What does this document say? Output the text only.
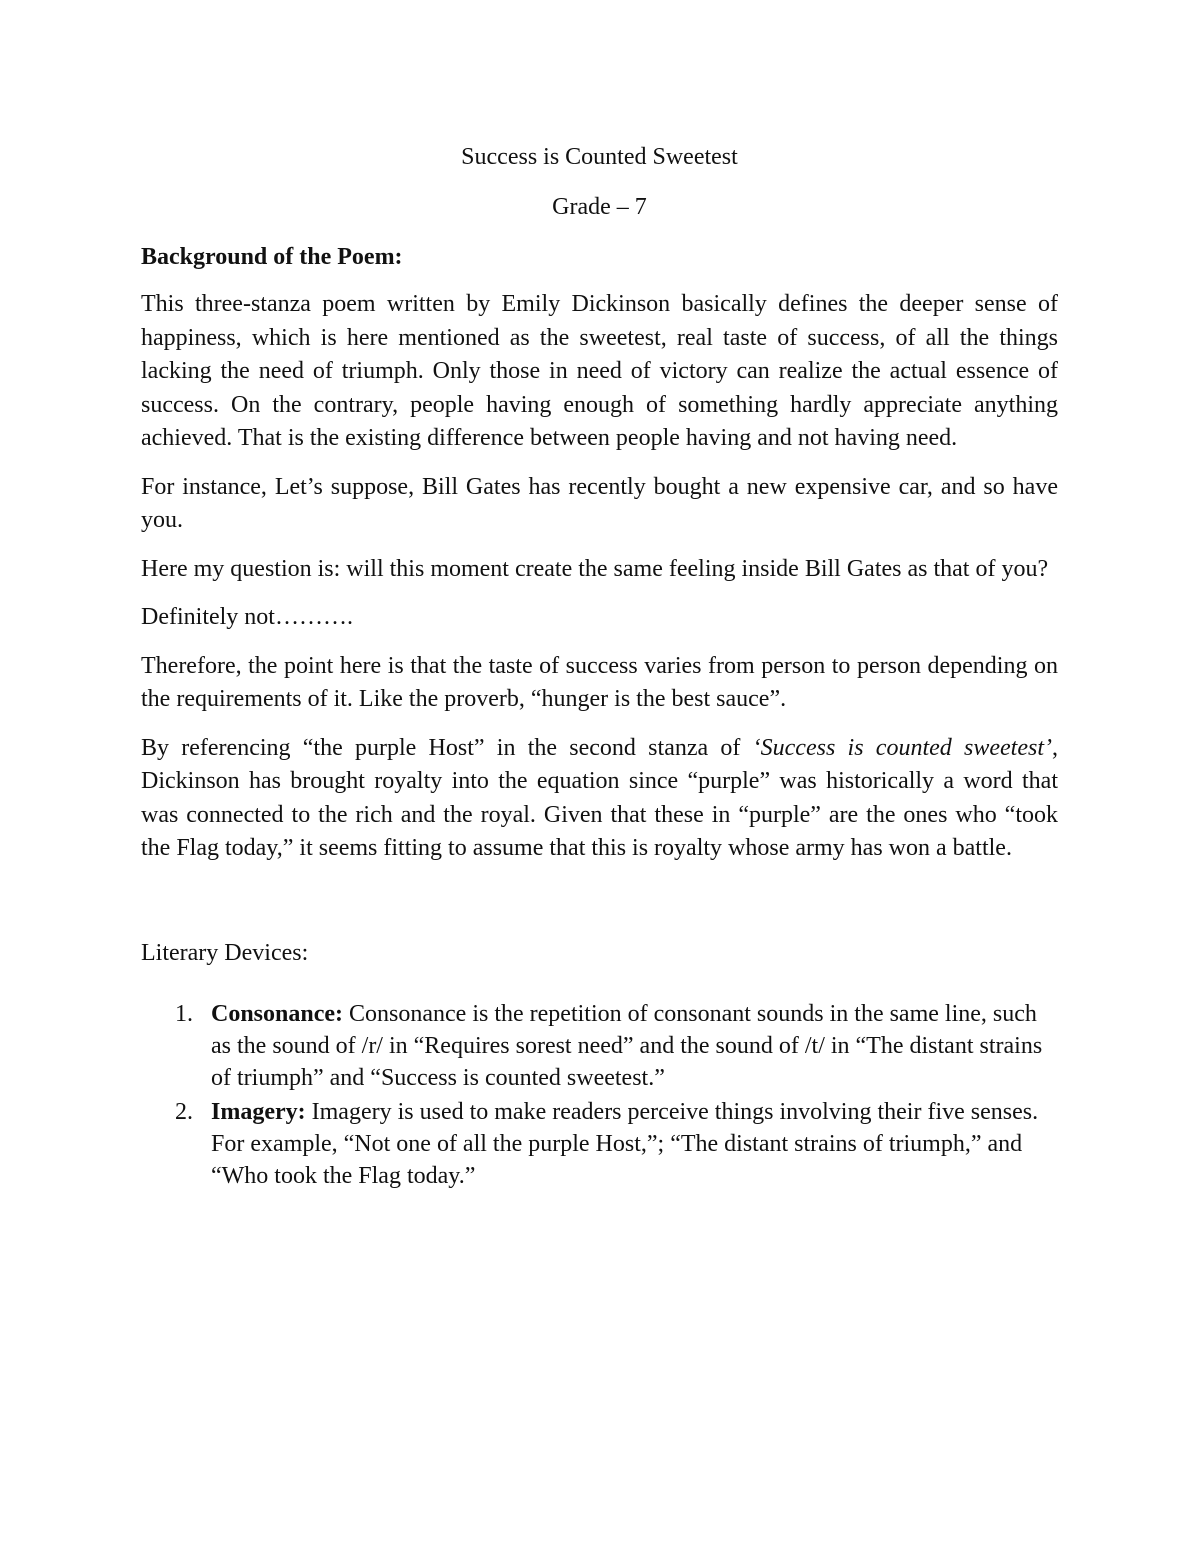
Success is Counted Sweetest
Grade – 7
Background of the Poem:

This three-stanza poem written by Emily Dickinson basically defines the deeper sense of happiness, which is here mentioned as the sweetest, real taste of success, of all the things lacking the need of triumph. Only those in need of victory can realize the actual essence of success. On the contrary, people having enough of something hardly appreciate anything achieved. That is the existing difference between people having and not having need.

For instance, Let’s suppose, Bill Gates has recently bought a new expensive car, and so have you.

Here my question is: will this moment create the same feeling inside Bill Gates as that of you?

Definitely not……….

Therefore, the point here is that the taste of success varies from person to person depending on the requirements of it. Like the proverb, “hunger is the best sauce”.

By referencing “the purple Host” in the second stanza of ‘Success is counted sweetest’, Dickinson has brought royalty into the equation since “purple” was historically a word that was connected to the rich and the royal. Given that these in “purple” are the ones who “took the Flag today,” it seems fitting to assume that this is royalty whose army has won a battle.

Literary Devices:
1. Consonance: Consonance is the repetition of consonant sounds in the same line, such as the sound of /r/ in “Requires sorest need” and the sound of /t/ in “The distant strains of triumph” and “Success is counted sweetest.”
2. Imagery: Imagery is used to make readers perceive things involving their five senses. For example, “Not one of all the purple Host,”; “The distant strains of triumph,” and “Who took the Flag today.”
